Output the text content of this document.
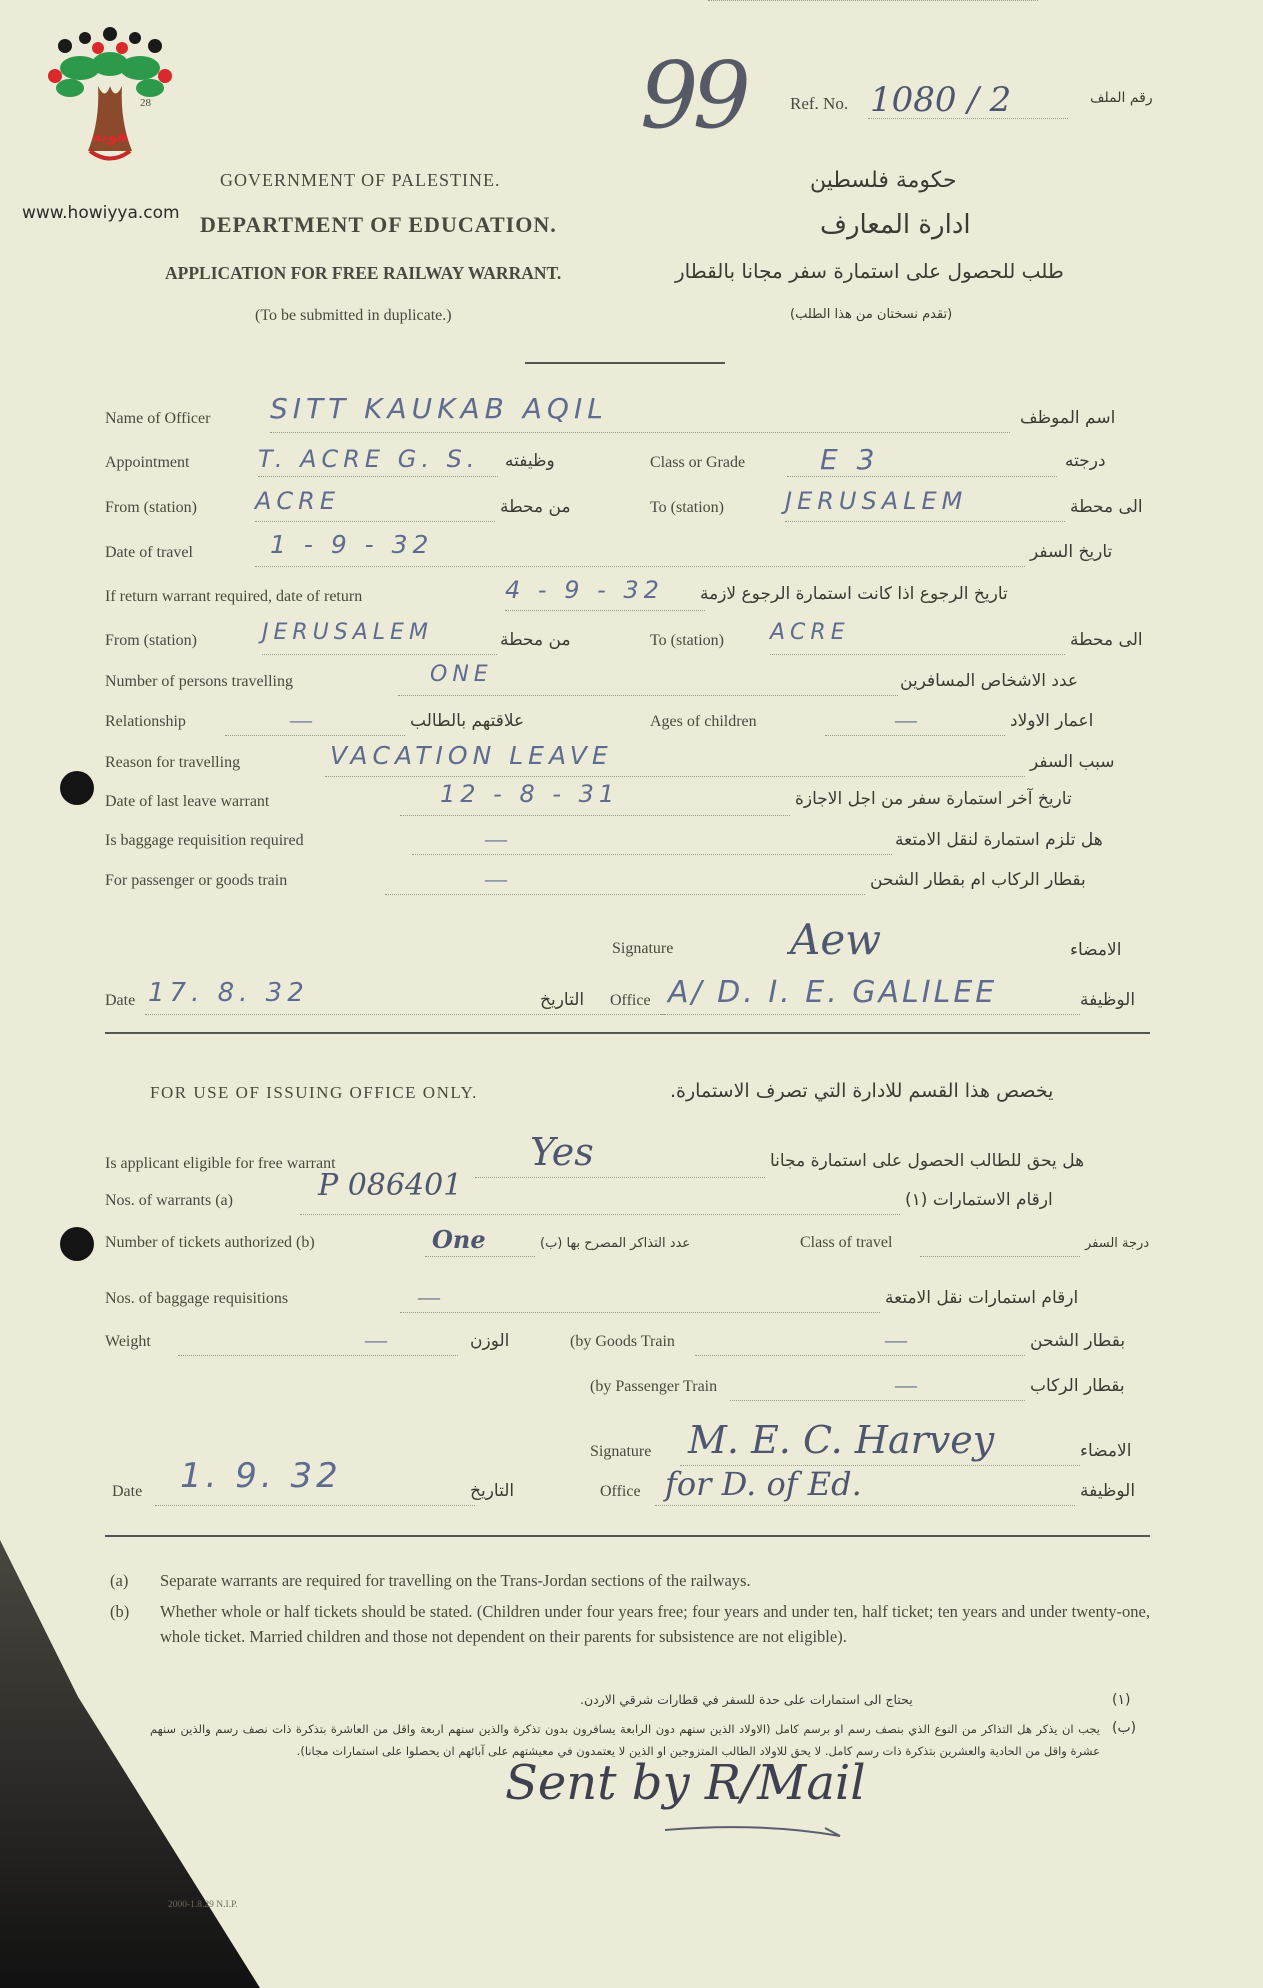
هوية
www.howiyya.com
28	99	Ref. No. 1080 / 2	رقم الملف
GOVERNMENT OF PALESTINE.	حكومة فلسطين
DEPARTMENT OF EDUCATION.	ادارة المعارف
APPLICATION FOR FREE RAILWAY WARRANT.	طلب للحصول على استمارة سفر مجانا بالقطار
(To be submitted in duplicate.)	(تقدم نسختان من هذا الطلب)
Name of Officer SITT KAUKAB AQIL	اسم الموظف
Appointment	T. ACRE G. S. وظيفته	Class or Grade	E 3	درجته
From (station) ACRE	من محطة	To (station)	JERUSALEM	الى محطة
Date of travel	1 - 9 - 32	تاريخ السفر
If return warrant required, date of return	4 - 9 - 32 تاريخ الرجوع اذا كانت استمارة الرجوع لازمة
From (station)	JERUSALEM	من محطة	To (station) ACRE	الى محطة
Number of persons travelling	ONE	عدد الاشخاص المسافرين
Relationship	—	علاقتهم بالطالب	Ages of children	—	اعمار الاولاد
Reason for travelling	VACATION LEAVE	سبب السفر
Date of last leave warrant	12 - 8 - 31	تاريخ آخر استمارة سفر من اجل الاجازة
Is baggage requisition required	—	هل تلزم استمارة لنقل الامتعة
For passenger or goods train	—	بقطار الركاب ام بقطار الشحن
Signature	Aew	الامضاء
Date 17. 8. 32	التاريخ	Office A/ D. I. E. GALILEE	الوظيفة
FOR USE OF ISSUING OFFICE ONLY.	يخصص هذا القسم للادارة التي تصرف الاستمارة.
Is applicant eligible for free warrant	Yes	هل يحق للطالب الحصول على استمارة مجانا
Nos. of warrants (a)	P 086401	ارقام الاستمارات (١)
Number of tickets authorized (b)	One	عدد التذاكر المصرح بها (ب)	Class of travel	درجة السفر
Nos. of baggage requisitions	—	ارقام استمارات نقل الامتعة
Weight	—	الوزن	(by Goods Train	—	بقطار الشحن
(by Passenger Train	—	بقطار الركاب
Signature M. E. C. Harvey	الامضاء
Date 1. 9. 32	التاريخ	Office for D. of Ed.	الوظيفة
(a) Separate warrants are required for travelling on the Trans-Jordan sections of the railways.
(b) Whether whole or half tickets should be stated. (Children under four years free; four years and under ten, half ticket; ten years and under twenty-one, whole ticket. Married children and those not dependent on their parents for subsistence are not eligible).
(١)
يحتاج الى استمارات على حدة للسفر في قطارات شرقي الاردن.
(ب)
يجب ان يذكر هل التذاكر من النوع الذي بنصف رسم او برسم كامل (الاولاد الذين سنهم دون الرابعة يسافرون بدون تذكرة والذين سنهم اربعة واقل من العاشرة بتذكرة ذات نصف رسم والذين سنهم عشرة واقل من الحادية والعشرين بتذكرة ذات رسم كامل. لا يحق للاولاد الطالب المتزوجين او الذين لا يعتمدون في معيشتهم على آبائهم ان يحصلوا على استمارات مجانا).
Sent by R/Mail
2000-1.8.29 N.I.P.
